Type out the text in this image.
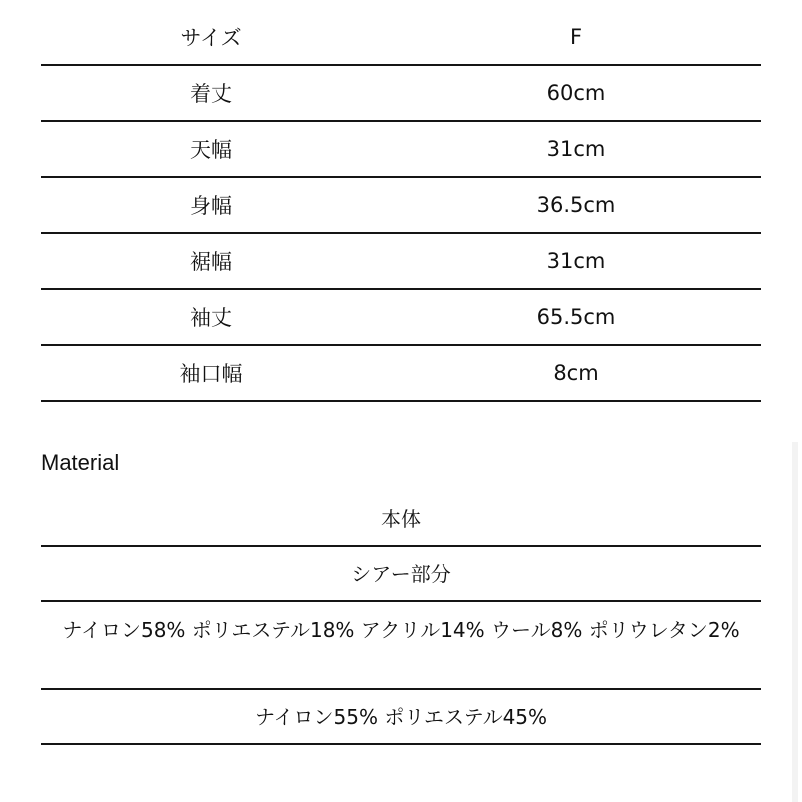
サイズ	F
着丈	60cm
天幅	31cm
身幅	36.5cm
裾幅	31cm
袖丈	65.5cm
袖口幅	8cm
Material
本体
シアー部分
ナイロン58% ポリエステル18% アクリル14% ウール8% ポリウレタン2%
ナイロン55% ポリエステル45%
